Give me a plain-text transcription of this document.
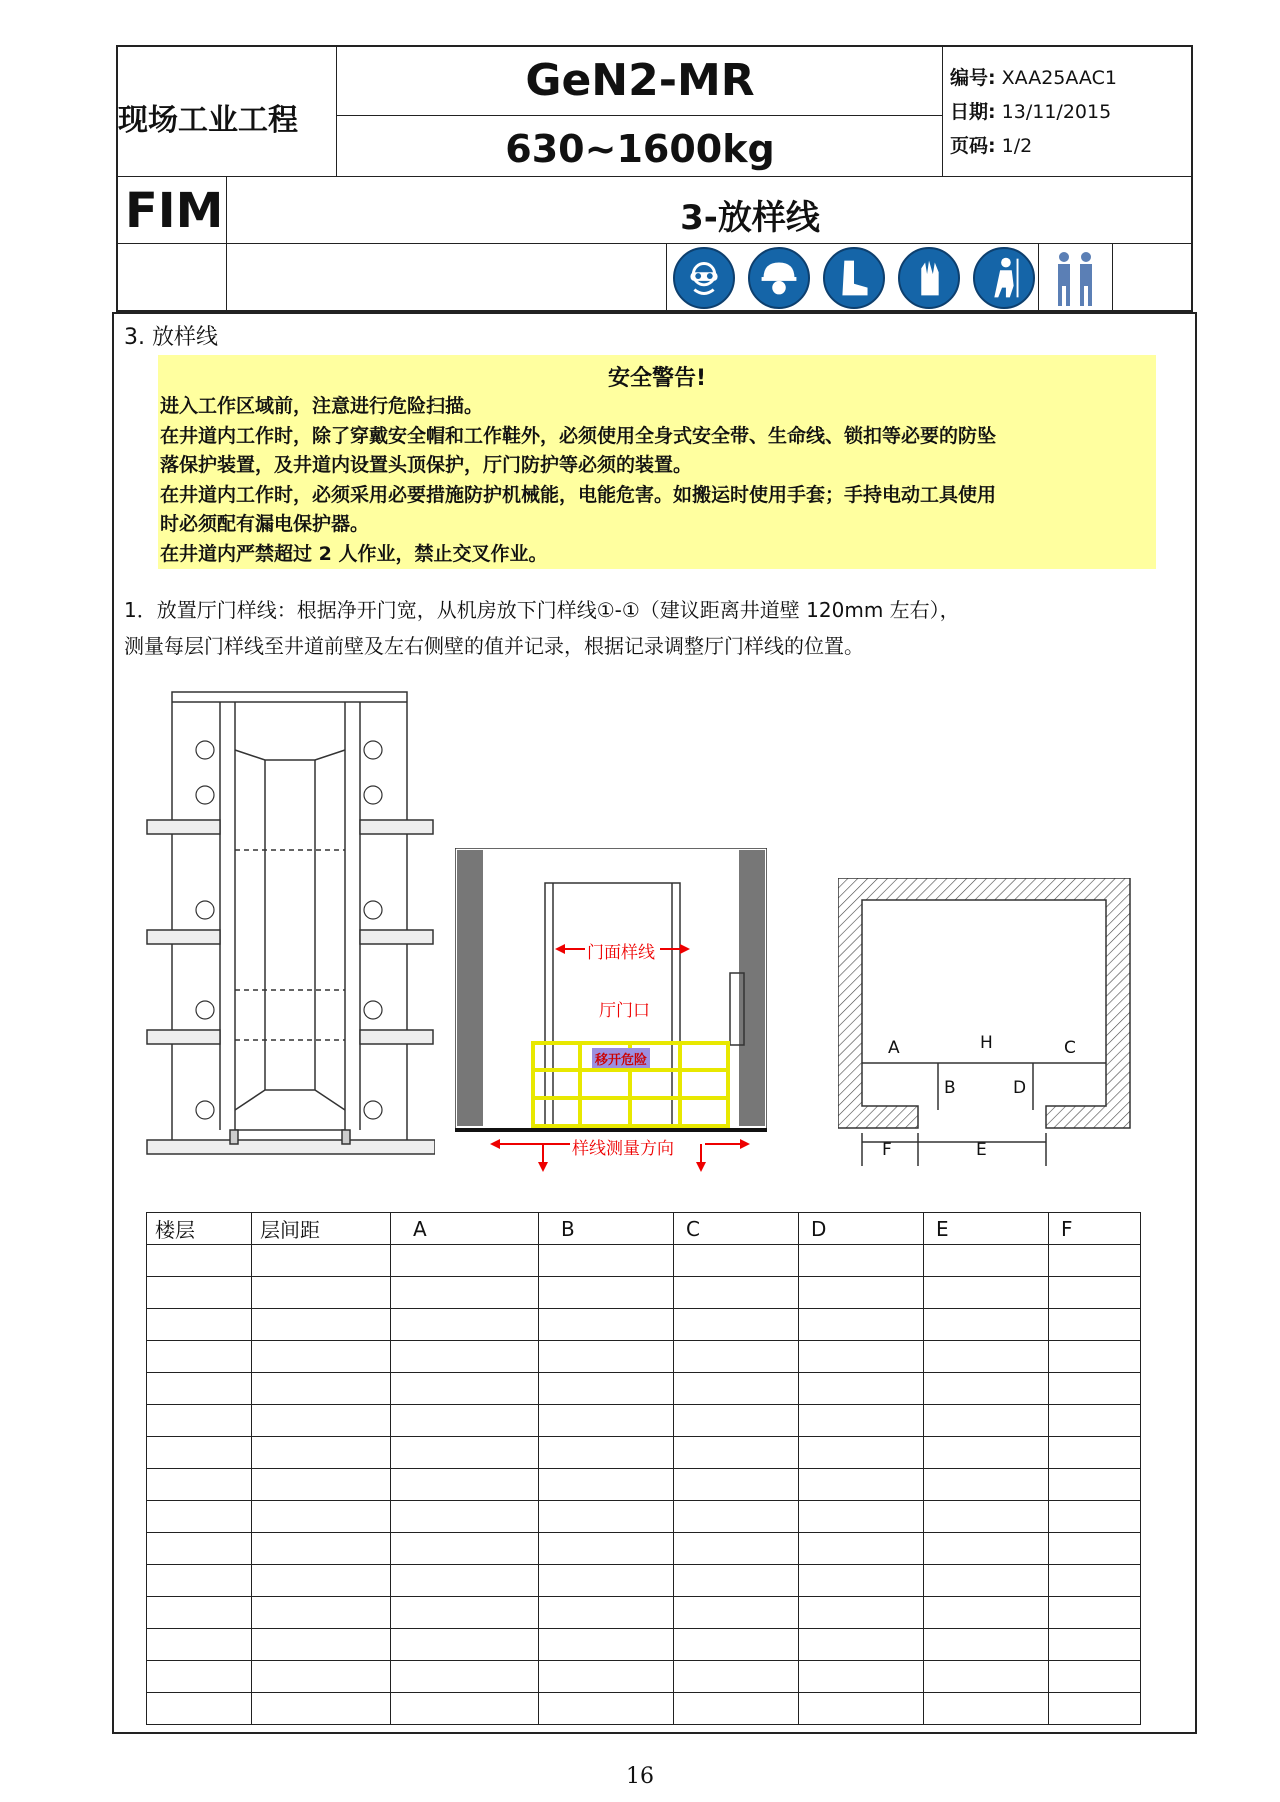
现场工业工程
GeN2-MR
630~1600kg
编号: XAA25AAC1
日期: 13/11/2015
页码: 1/2
FIM	3-放样线
3. 放样线
安全警告!
进入工作区域前，注意进行危险扫描。
在井道内工作时，除了穿戴安全帽和工作鞋外，必须使用全身式安全带、生命线、锁扣等必要的防坠
落保护装置，及井道内设置头顶保护，厅门防护等必须的装置。
在井道内工作时，必须采用必要措施防护机械能，电能危害。如搬运时使用手套；手持电动工具使用
时必须配有漏电保护器。
在井道内严禁超过 2 人作业，禁止交叉作业。
1．放置厅门样线：根据净开门宽，从机房放下门样线①-①（建议距离井道壁 120mm 左右），
测量每层门样线至井道前壁及左右侧壁的值并记录，根据记录调整厅门样线的位置。
门面样线
厅门口
移开危险
样线测量方向
A	H	C
B	D
F	E
楼层	层间距	A	B	C	D	E	F

16
